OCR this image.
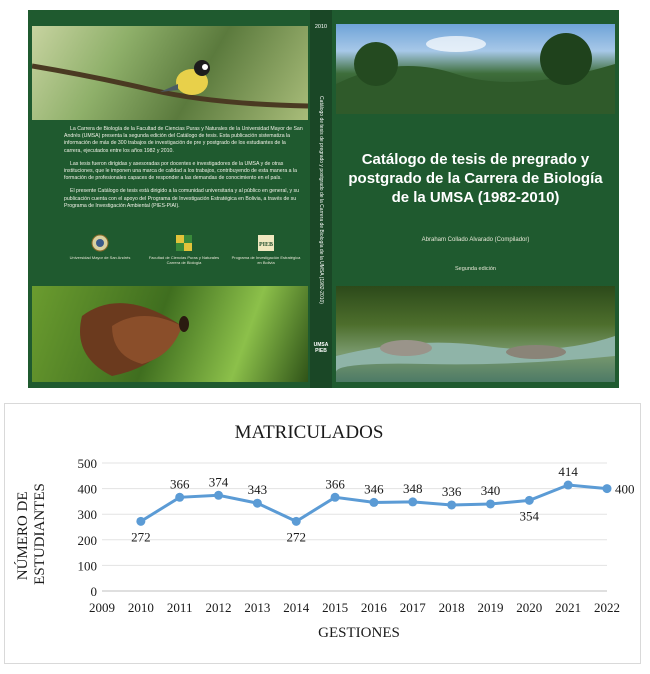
La Carrera de Biología de la Facultad de Ciencias Puras y Naturales de la Universidad Mayor de San Andrés (UMSA) presenta la segunda edición del Catálogo de tesis. Esta publicación sistematiza la información de más de 300 trabajos de investigación de pre y postgrado de los estudiantes de la carrera, ejecutados entre los años 1982 y 2010.

Las tesis fueron dirigidas y asesoradas por docentes e investigadores de la UMSA y de otras instituciones, que le imponen una marca de calidad a los trabajos, contribuyendo de esta manera a la formación de profesionales capaces de responder a las demandas de conocimiento en el país.

El presente Catálogo de tesis está dirigido a la comunidad universitaria y al público en general, y su publicación cuenta con el apoyo del Programa de Investigación Estratégica en Bolivia, a través de su Programa de Investigación Ambiental (PIES-PIAI).

Universidad Mayor de San Andrés	Facultad de Ciencias Puras y Naturales Carrera de Biología
PIEB
Programa de Investigación Estratégica en Bolivia
2010
Catálogo de tesis de pregrado y postgrado de la Carrera de Biología de la UMSA (1982-2010)
UMSA
PIEB
Catálogo de tesis de pregrado y
postgrado de la Carrera de Biología
de la UMSA (1982-2010)
Abraham Collado Alvarado (Compilador)
Segunda edición
MATRICULADOS
0
100
200
300
400
500
2009 2010 2011 2012 2013 2014 2015 2016 2017 2018 2019 2020 2021 2022
272
366 374
343
272
366 346 348 336 340
354
414
400
NÚMERO DE ESTUDIANTES
GESTIONES
